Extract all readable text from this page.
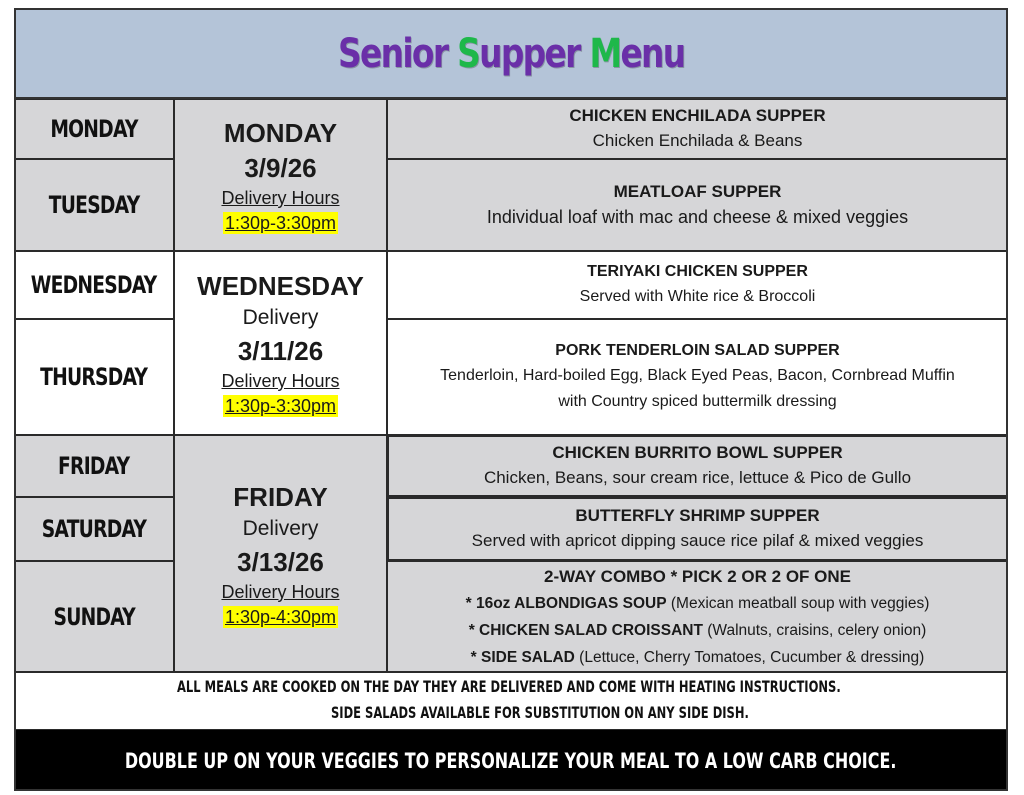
Senior Supper Menu
MONDAY
TUESDAY
WEDNESDAY
THURSDAY
FRIDAY
SATURDAY
SUNDAY
MONDAY
3/9/26
Delivery Hours
1:30p-3:30pm
WEDNESDAY
Delivery
3/11/26
Delivery Hours
1:30p-3:30pm
FRIDAY
Delivery
3/13/26
Delivery Hours
1:30p-4:30pm
CHICKEN ENCHILADA SUPPER
Chicken Enchilada & Beans
MEATLOAF SUPPER
Individual loaf with mac and cheese & mixed veggies
TERIYAKI CHICKEN SUPPER
Served with White rice & Broccoli
PORK TENDERLOIN SALAD SUPPER
Tenderloin, Hard-boiled Egg, Black Eyed Peas, Bacon, Cornbread Muffin
with Country spiced buttermilk dressing
CHICKEN BURRITO BOWL SUPPER
Chicken, Beans, sour cream rice, lettuce & Pico de Gullo
BUTTERFLY SHRIMP SUPPER
Served with apricot dipping sauce rice pilaf & mixed veggies
2-WAY COMBO * PICK 2 OR 2 OF ONE
* 16oz ALBONDIGAS SOUP (Mexican meatball soup with veggies)
* CHICKEN SALAD CROISSANT (Walnuts, craisins, celery onion)
* SIDE SALAD (Lettuce, Cherry Tomatoes, Cucumber & dressing)
ALL MEALS ARE COOKED ON THE DAY THEY ARE DELIVERED AND COME WITH HEATING INSTRUCTIONS.
SIDE SALADS AVAILABLE FOR SUBSTITUTION ON ANY SIDE DISH.
DOUBLE UP ON YOUR VEGGIES TO PERSONALIZE YOUR MEAL TO A LOW CARB CHOICE.
